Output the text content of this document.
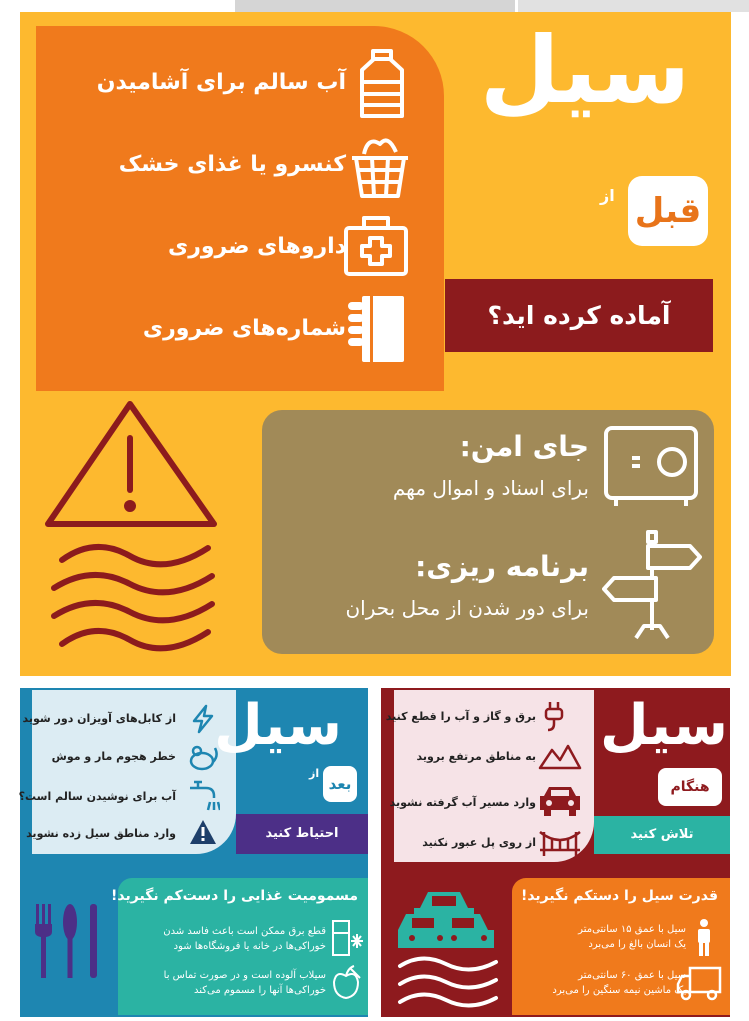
آب سالم برای آشامیدن
کنسرو یا غذای خشک
داروهای ضروری
شماره‌های ضروری
سیل
از قبل
آماده کرده اید؟
جای امن:
برای اسناد و اموال مهم
برنامه ریزی:
برای دور شدن از محل بحران
از کابل‌های آویزان دور شوید
خطر هجوم مار و موش
آب برای نوشیدن سالم است؟
وارد مناطق سیل زده نشوید
سیل
از
بعد
احتیاط کنید
مسمومیت غذایی را دست‌کم نگیرید!
قطع برق ممکن است باعث فاسد شدن
خوراکی‌ها در خانه یا فروشگاه‌ها شود
سیلاب آلوده است و در صورت تماس با
خوراکی‌ها آنها را مسموم می‌کند
برق و گاز و آب را قطع کنید
به مناطق مرتفع بروید
وارد مسیر آب گرفته نشوید
از روی پل عبور نکنید
سیل
هنگام
تلاش کنید
قدرت سیل را دستکم نگیرید!
سیل با عمق ۱۵ سانتی‌متر
یک انسان بالغ را می‌برد
سیل با عمق ۶۰ سانتی‌متر
یک ماشین نیمه سنگین را می‌برد
